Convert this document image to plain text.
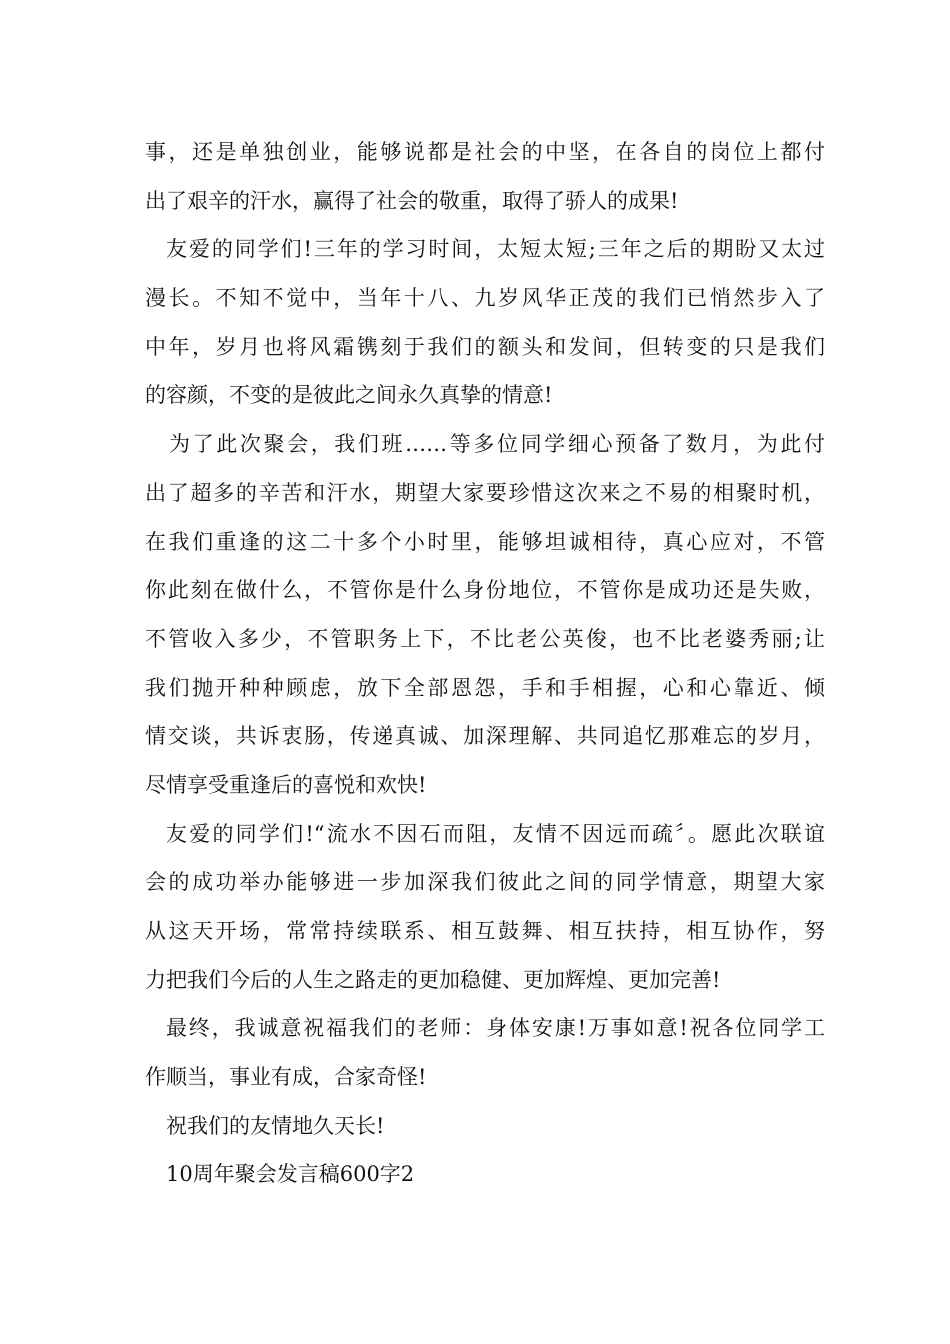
事，还是单独创业，能够说都是社会的中坚，在各自的岗位上都付
出了艰辛的汗水，赢得了社会的敬重，取得了骄人的成果!
友爱的同学们!三年的学习时间，太短太短;三年之后的期盼又太过
漫长。不知不觉中，当年十八、九岁风华正茂的我们已悄然步入了
中年，岁月也将风霜镌刻于我们的额头和发间，但转变的只是我们
的容颜，不变的是彼此之间永久真挚的情意!
为了此次聚会，我们班……等多位同学细心预备了数月，为此付
出了超多的辛苦和汗水，期望大家要珍惜这次来之不易的相聚时机，
在我们重逢的这二十多个小时里，能够坦诚相待，真心应对，不管
你此刻在做什么，不管你是什么身份地位，不管你是成功还是失败，
不管收入多少，不管职务上下，不比老公英俊，也不比老婆秀丽;让
我们抛开种种顾虑，放下全部恩怨，手和手相握，心和心靠近、倾
情交谈，共诉衷肠，传递真诚、加深理解、共同追忆那难忘的岁月，
尽情享受重逢后的喜悦和欢快!
友爱的同学们!“流水不因石而阻，友情不因远而疏〞。愿此次联谊
会的成功举办能够进一步加深我们彼此之间的同学情意，期望大家
从这天开场，常常持续联系、相互鼓舞、相互扶持，相互协作，努
力把我们今后的人生之路走的更加稳健、更加辉煌、更加完善!
最终，我诚意祝福我们的老师：身体安康!万事如意!祝各位同学工
作顺当，事业有成，合家奇怪!
祝我们的友情地久天长!
10周年聚会发言稿600字2
